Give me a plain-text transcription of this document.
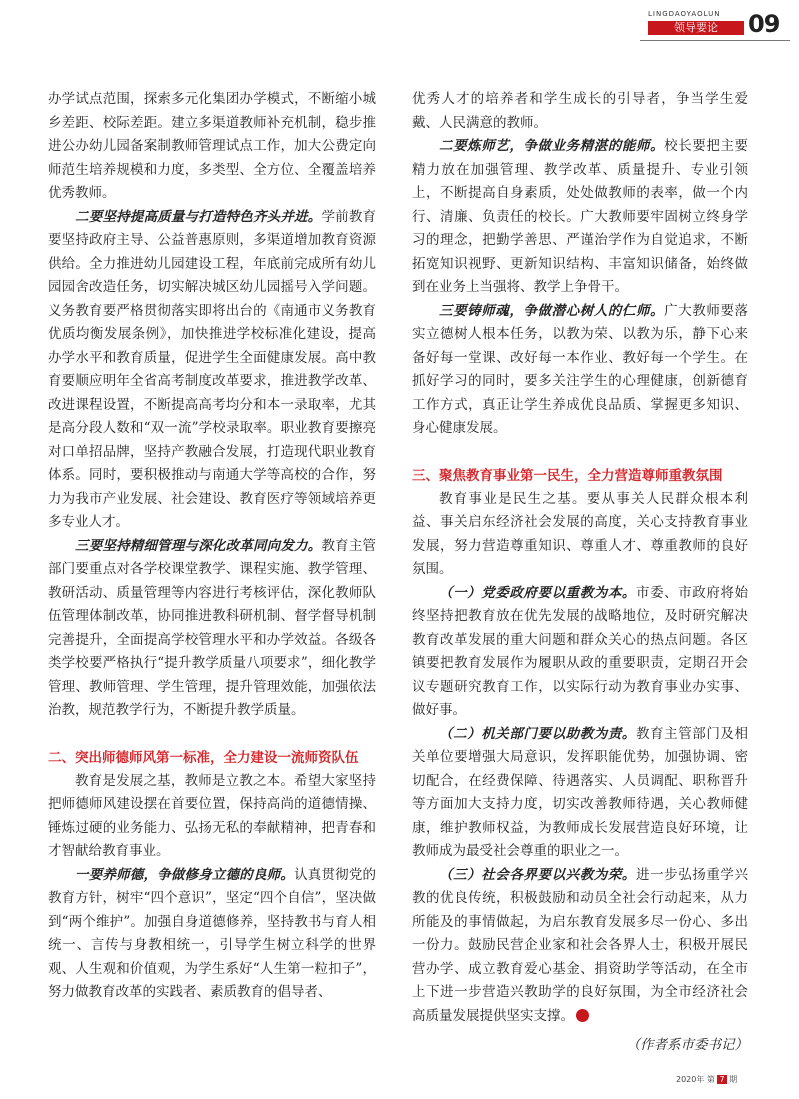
LINGDAOYAOLUN
领导要论	09

办学试点范围，探索多元化集团办学模式，不断缩小城乡差距、校际差距。建立多渠道教师补充机制，稳步推进公办幼儿园备案制教师管理试点工作，加大公费定向师范生培养规模和力度，多类型、全方位、全覆盖培养优秀教师。

二要坚持提高质量与打造特色齐头并进。学前教育要坚持政府主导、公益普惠原则，多渠道增加教育资源供给。全力推进幼儿园建设工程，年底前完成所有幼儿园园舍改造任务，切实解决城区幼儿园摇号入学问题。义务教育要严格贯彻落实即将出台的《南通市义务教育优质均衡发展条例》，加快推进学校标准化建设，提高办学水平和教育质量，促进学生全面健康发展。高中教育要顺应明年全省高考制度改革要求，推进教学改革、改进课程设置，不断提高高考均分和本一录取率，尤其是高分段人数和“双一流”学校录取率。职业教育要擦亮对口单招品牌，坚持产教融合发展，打造现代职业教育体系。同时，要积极推动与南通大学等高校的合作，努力为我市产业发展、社会建设、教育医疗等领域培养更多专业人才。

三要坚持精细管理与深化改革同向发力。教育主管部门要重点对各学校课堂教学、课程实施、教学管理、教研活动、质量管理等内容进行考核评估，深化教师队伍管理体制改革，协同推进教科研机制、督学督导机制完善提升，全面提高学校管理水平和办学效益。各级各类学校要严格执行“提升教学质量八项要求”，细化教学管理、教师管理、学生管理，提升管理效能，加强依法治教，规范教学行为，不断提升教学质量。

二、突出师德师风第一标准，全力建设一流师资队伍

教育是发展之基，教师是立教之本。希望大家坚持把师德师风建设摆在首要位置，保持高尚的道德情操、锤炼过硬的业务能力、弘扬无私的奉献精神，把青春和才智献给教育事业。

一要养师德，争做修身立德的良师。认真贯彻党的教育方针，树牢“四个意识”，坚定“四个自信”，坚决做到“两个维护”。加强自身道德修养，坚持教书与育人相统一、言传与身教相统一，引导学生树立科学的世界观、人生观和价值观，为学生系好“人生第一粒扣子”，努力做教育改革的实践者、素质教育的倡导者、

优秀人才的培养者和学生成长的引导者，争当学生爱戴、人民满意的教师。

二要炼师艺，争做业务精湛的能师。校长要把主要精力放在加强管理、教学改革、质量提升、专业引领上，不断提高自身素质，处处做教师的表率，做一个内行、清廉、负责任的校长。广大教师要牢固树立终身学习的理念，把勤学善思、严谨治学作为自觉追求，不断拓宽知识视野、更新知识结构、丰富知识储备，始终做到在业务上当强将、教学上争骨干。

三要铸师魂，争做潜心树人的仁师。广大教师要落实立德树人根本任务，以教为荣、以教为乐，静下心来备好每一堂课、改好每一本作业、教好每一个学生。在抓好学习的同时，要多关注学生的心理健康，创新德育工作方式，真正让学生养成优良品质、掌握更多知识、身心健康发展。

三、聚焦教育事业第一民生，全力营造尊师重教氛围

教育事业是民生之基。要从事关人民群众根本利益、事关启东经济社会发展的高度，关心支持教育事业发展，努力营造尊重知识、尊重人才、尊重教师的良好氛围。

（一）党委政府要以重教为本。市委、市政府将始终坚持把教育放在优先发展的战略地位，及时研究解决教育改革发展的重大问题和群众关心的热点问题。各区镇要把教育发展作为履职从政的重要职责，定期召开会议专题研究教育工作，以实际行动为教育事业办实事、做好事。

（二）机关部门要以助教为责。教育主管部门及相关单位要增强大局意识，发挥职能优势，加强协调、密切配合，在经费保障、待遇落实、人员调配、职称晋升等方面加大支持力度，切实改善教师待遇，关心教师健康，维护教师权益，为教师成长发展营造良好环境，让教师成为最受社会尊重的职业之一。

（三）社会各界要以兴教为荣。进一步弘扬重学兴教的优良传统，积极鼓励和动员全社会行动起来，从力所能及的事情做起，为启东教育发展多尽一份心、多出一份力。鼓励民营企业家和社会各界人士，积极开展民营办学、成立教育爱心基金、捐资助学等活动，在全市上下进一步营造兴教助学的良好氛围，为全市经济社会高质量发展提供坚实支撑。

（作者系市委书记）

2020年 第 7 期
